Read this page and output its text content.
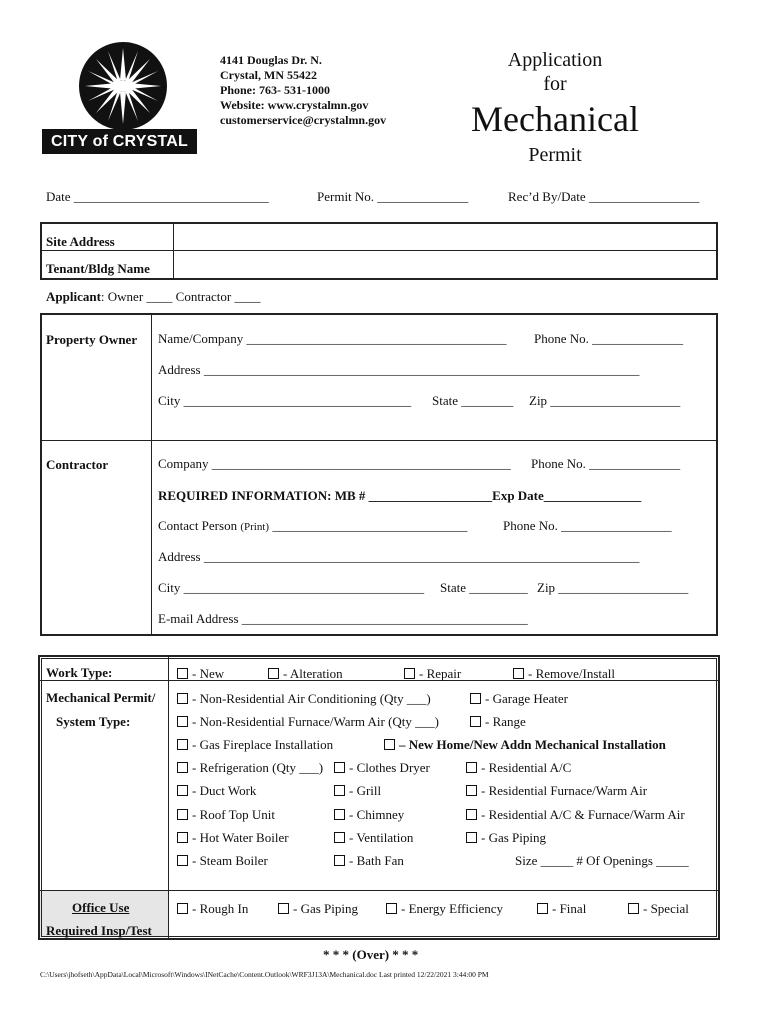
CITY of CRYSTAL
4141 Douglas Dr. N.
Crystal, MN 55422
Phone: 763- 531-1000
Website: www.crystalmn.gov
customerservice@crystalmn.gov
Application
for
Mechanical
Permit
Date ______________________________	Permit No. ______________	Rec’d By/Date _________________
Site Address
Tenant/Bldg Name
Applicant: Owner ____ Contractor ____
Property Owner Name/Company ________________________________________ Phone No. ______________
Address ___________________________________________________________________
City ___________________________________ State ________ Zip ____________________
Contractor	Company ______________________________________________ Phone No. ______________
REQUIRED INFORMATION: MB # ___________________Exp Date_______________
Contact Person (Print) ______________________________	Phone No. _________________
Address ___________________________________________________________________
City _____________________________________ State _________ Zip ____________________
E-mail Address ____________________________________________
Work Type:	- New	- Alteration	- Repair	- Remove/Install
Mechanical Permit/
System Type:
- Non-Residential Air Conditioning (Qty ___)	- Garage Heater
- Non-Residential Furnace/Warm Air (Qty ___)	- Range
- Gas Fireplace Installation	– New Home/New Addn Mechanical Installation
- Refrigeration (Qty ___)	- Clothes Dryer	- Residential A/C
- Duct Work	- Grill	- Residential Furnace/Warm Air
- Roof Top Unit	- Chimney	- Residential A/C & Furnace/Warm Air
- Hot Water Boiler	- Ventilation	- Gas Piping
- Steam Boiler	- Bath Fan	Size _____ # Of Openings _____
Office Use
Required Insp/Test
- Rough In	- Gas Piping	- Energy Efficiency	- Final	- Special
* * * (Over) * * *
C:\Users\jhofseth\AppData\Local\Microsoft\Windows\INetCache\Content.Outlook\WRF3J13A\Mechanical.doc Last printed 12/22/2021 3:44:00 PM
